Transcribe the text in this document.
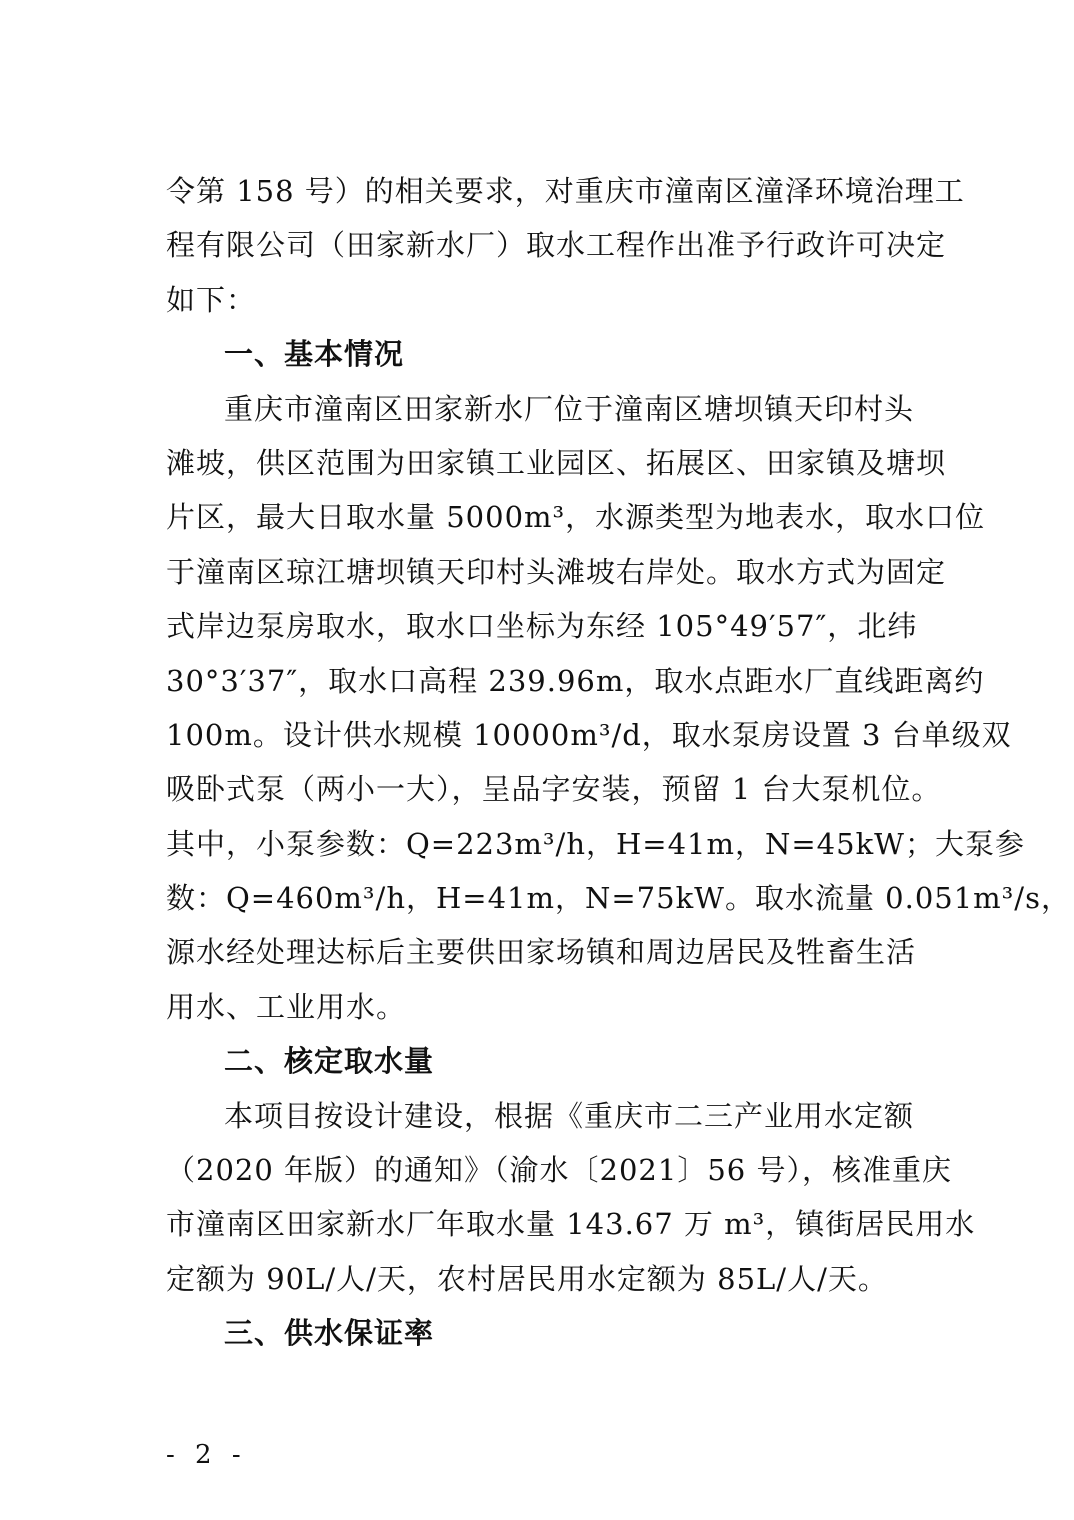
令第 158 号）的相关要求，对重庆市潼南区潼泽环境治理工
程有限公司（田家新水厂）取水工程作出准予行政许可决定
如下：
一、基本情况
重庆市潼南区田家新水厂位于潼南区塘坝镇天印村头
滩坡，供区范围为田家镇工业园区、拓展区、田家镇及塘坝
片区，最大日取水量 5000m³，水源类型为地表水，取水口位
于潼南区琼江塘坝镇天印村头滩坡右岸处。取水方式为固定
式岸边泵房取水，取水口坐标为东经 105°49′57″，北纬
30°3′37″，取水口高程 239.96m，取水点距水厂直线距离约
100m。设计供水规模 10000m³/d，取水泵房设置 3 台单级双
吸卧式泵（两小一大），呈品字安装，预留 1 台大泵机位。
其中，小泵参数：Q=223m³/h，H=41m，N=45kW；大泵参
数：Q=460m³/h，H=41m，N=75kW。取水流量 0.051m³/s，
源水经处理达标后主要供田家场镇和周边居民及牲畜生活
用水、工业用水。
二、核定取水量
本项目按设计建设，根据《重庆市二三产业用水定额
（2020 年版）的通知》（渝水〔2021〕56 号），核准重庆
市潼南区田家新水厂年取水量 143.67 万 m³，镇街居民用水
定额为 90L/人/天，农村居民用水定额为 85L/人/天。
三、供水保证率
- 2 -
